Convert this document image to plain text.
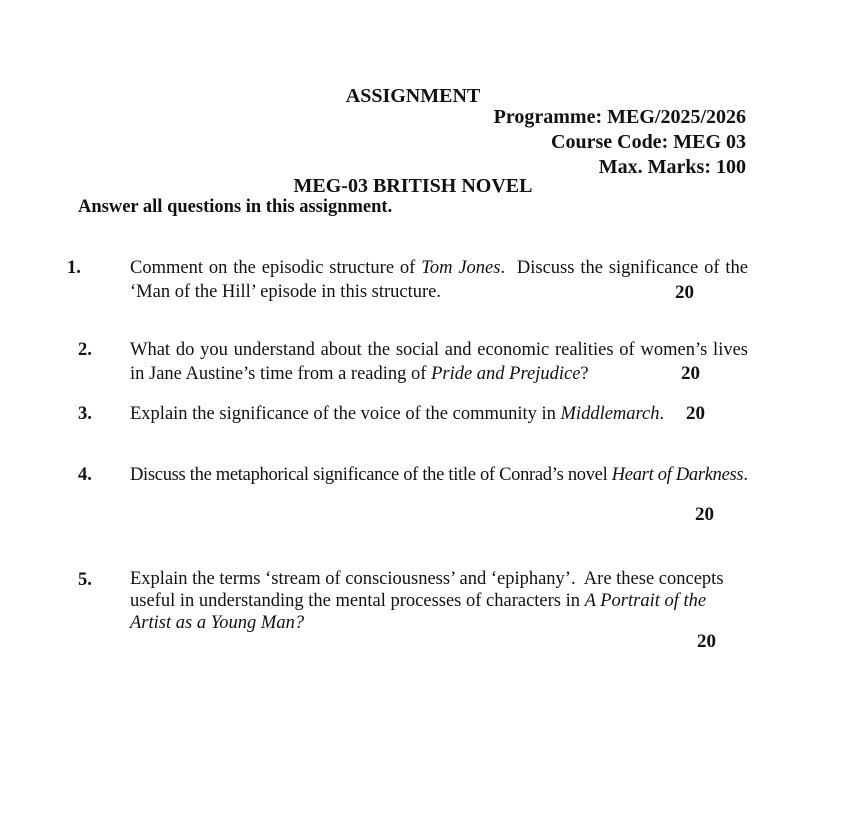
ASSIGNMENT

MEG-03 BRITISH NOVEL

Programme: MEG/2025/2026
Course Code: MEG 03
Max. Marks: 100
Answer all questions in this assignment.
1.	Comment on the episodic structure of Tom Jones.  Discuss the significance of the ‘Man of the Hill’ episode in this structure.	20
2. What do you understand about the social and economic realities of women’s lives in Jane Austine’s time from a reading of Pride and Prejudice?	20
3. Explain the significance of the voice of the community in Middlemarch. 20
4. Discuss the metaphorical significance of the title of Conrad’s novel Heart of Darkness.
20
5. Explain the terms ‘stream of consciousness’ and ‘epiphany’.  Are these concepts useful in understanding the mental processes of characters in A Portrait of the Artist as a Young Man?
20
